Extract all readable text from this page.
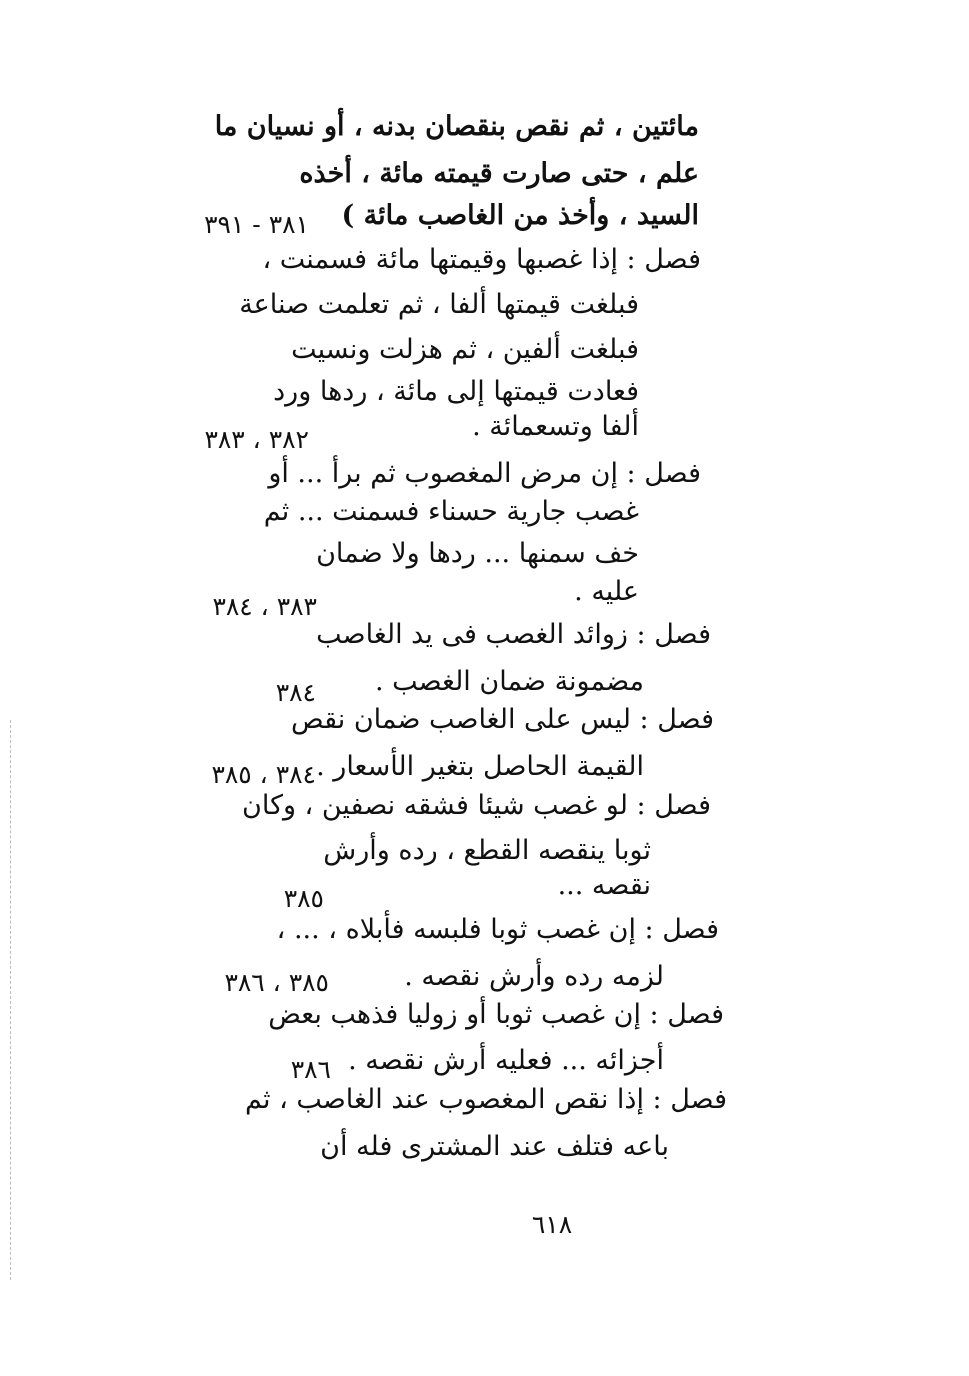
مائتين ، ثم نقص بنقصان بدنه ، أو نسيان ما
علم ، حتى صارت قيمته مائة ، أخذه
السيد ، وأخذ من الغاصب مائة )
٣٨١ - ٣٩١
فصل : إذا غصبها وقيمتها مائة فسمنت ،
فبلغت قيمتها ألفا ، ثم تعلمت صناعة
فبلغت ألفين ، ثم هزلت ونسيت
فعادت قيمتها إلى مائة ، ردها ورد
ألفا وتسعمائة .
٣٨٢ ، ٣٨٣
فصل : إن مرض المغصوب ثم برأ ... أو
غصب جارية حسناء فسمنت ... ثم
خف سمنها ... ردها ولا ضمان
عليه .
٣٨٣ ، ٣٨٤
فصل : زوائد الغصب فى يد الغاصب
مضمونة ضمان الغصب .
٣٨٤
فصل : ليس على الغاصب ضمان نقص
القيمة الحاصل بتغير الأسعار .
٣٨٤ ، ٣٨٥
فصل : لو غصب شيئا فشقه نصفين ، وكان
ثوبا ينقصه القطع ، رده وأرش
نقصه ...
٣٨٥
فصل : إن غصب ثوبا فلبسه فأبلاه ، ... ،
لزمه رده وأرش نقصه .
٣٨٥ ، ٣٨٦
فصل : إن غصب ثوبا أو زوليا فذهب بعض
أجزائه ... فعليه أرش نقصه .
٣٨٦
فصل : إذا نقص المغصوب عند الغاصب ، ثم
باعه فتلف عند المشترى فله أن
٦١٨
